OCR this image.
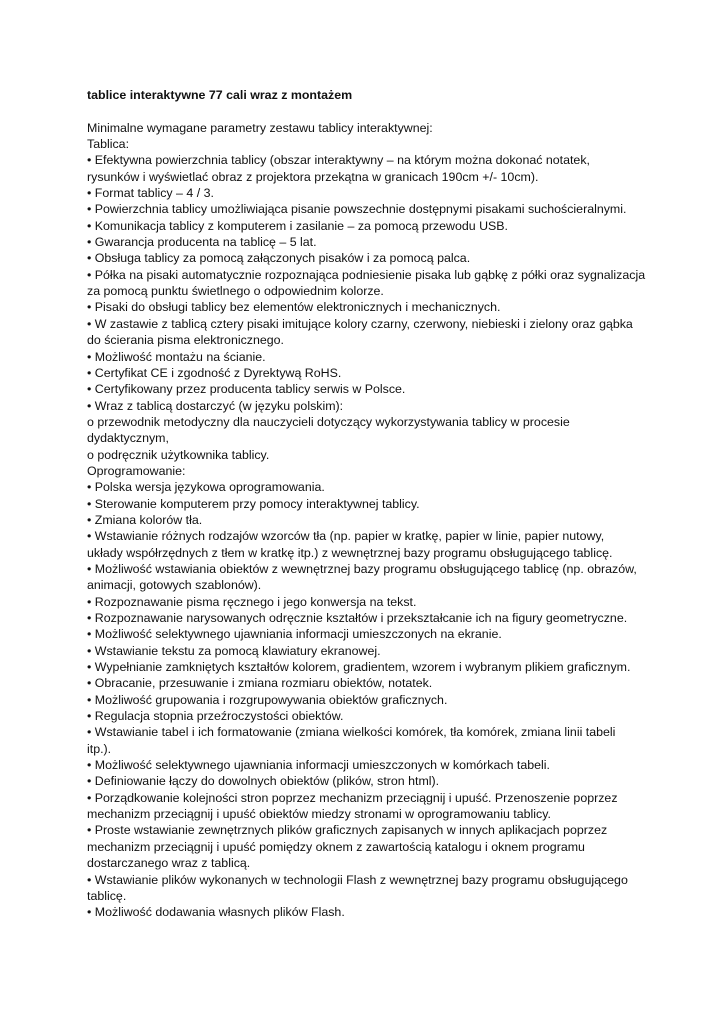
tablice interaktywne 77 cali wraz z montażem

Minimalne wymagane parametry zestawu tablicy interaktywnej:

Tablica:

• Efektywna powierzchnia tablicy (obszar interaktywny – na którym można dokonać notatek,

rysunków i wyświetlać obraz z projektora przekątna w granicach 190cm +/- 10cm).

• Format tablicy – 4 / 3.

• Powierzchnia tablicy umożliwiająca pisanie powszechnie dostępnymi pisakami suchościeralnymi.

• Komunikacja tablicy z komputerem i zasilanie – za pomocą przewodu USB.

• Gwarancja producenta na tablicę – 5 lat.

• Obsługa tablicy za pomocą załączonych pisaków i za pomocą palca.

• Półka na pisaki automatycznie rozpoznająca podniesienie pisaka lub gąbkę z półki oraz sygnalizacja

za pomocą punktu świetlnego o odpowiednim kolorze.

• Pisaki do obsługi tablicy bez elementów elektronicznych i mechanicznych.

• W zastawie z tablicą cztery pisaki imitujące kolory czarny, czerwony, niebieski i zielony oraz gąbka

do ścierania pisma elektronicznego.

• Możliwość montażu na ścianie.

• Certyfikat CE i zgodność z Dyrektywą RoHS.

• Certyfikowany przez producenta tablicy serwis w Polsce.

• Wraz z tablicą dostarczyć (w języku polskim):

o przewodnik metodyczny dla nauczycieli dotyczący wykorzystywania tablicy w procesie

dydaktycznym,

o podręcznik użytkownika tablicy.

Oprogramowanie:

• Polska wersja językowa oprogramowania.

• Sterowanie komputerem przy pomocy interaktywnej tablicy.

• Zmiana kolorów tła.

• Wstawianie różnych rodzajów wzorców tła (np. papier w kratkę, papier w linie, papier nutowy,

układy współrzędnych z tłem w kratkę itp.) z wewnętrznej bazy programu obsługującego tablicę.

• Możliwość wstawiania obiektów z wewnętrznej bazy programu obsługującego tablicę (np. obrazów,

animacji, gotowych szablonów).

• Rozpoznawanie pisma ręcznego i jego konwersja na tekst.

• Rozpoznawanie narysowanych odręcznie kształtów i przekształcanie ich na figury geometryczne.

• Możliwość selektywnego ujawniania informacji umieszczonych na ekranie.

• Wstawianie tekstu za pomocą klawiatury ekranowej.

• Wypełnianie zamkniętych kształtów kolorem, gradientem, wzorem i wybranym plikiem graficznym.

• Obracanie, przesuwanie i zmiana rozmiaru obiektów, notatek.

• Możliwość grupowania i rozgrupowywania obiektów graficznych.

• Regulacja stopnia przeźroczystości obiektów.

• Wstawianie tabel i ich formatowanie (zmiana wielkości komórek, tła komórek, zmiana linii tabeli

itp.).

• Możliwość selektywnego ujawniania informacji umieszczonych w komórkach tabeli.

• Definiowanie łączy do dowolnych obiektów (plików, stron html).

• Porządkowanie kolejności stron poprzez mechanizm przeciągnij i upuść. Przenoszenie poprzez

mechanizm przeciągnij i upuść obiektów miedzy stronami w oprogramowaniu tablicy.

• Proste wstawianie zewnętrznych plików graficznych zapisanych w innych aplikacjach poprzez

mechanizm przeciągnij i upuść pomiędzy oknem z zawartością katalogu i oknem programu

dostarczanego wraz z tablicą.

• Wstawianie plików wykonanych w technologii Flash z wewnętrznej bazy programu obsługującego

tablicę.

• Możliwość dodawania własnych plików Flash.
